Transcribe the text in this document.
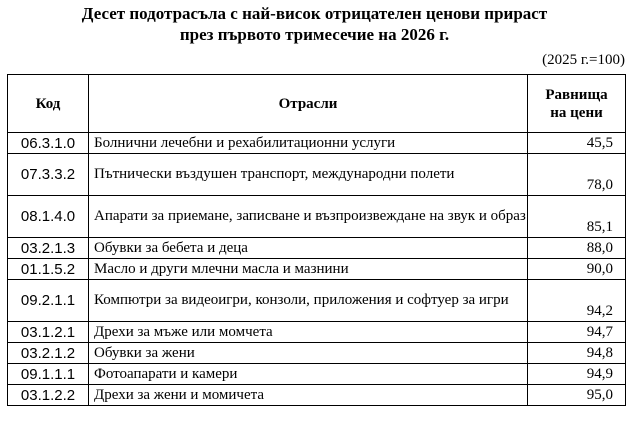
Десет подотрасъла с най-висок отрицателен ценови прираст
през първото тримесечие на 2026 г.
(2025 г.=100)
Код	Отрасли	Равнища
на цени

06.3.1.0	Болнични лечебни и рехабилитационни услуги	45,5
07.3.3.2	Пътнически въздушен транспорт, международни полети	78,0
08.1.4.0	Апарати за приемане, записване и възпроизвеждане на звук и образ	85,1
03.2.1.3	Обувки за бебета и деца	88,0
01.1.5.2	Масло и други млечни масла и мазнини	90,0
09.2.1.1	Компютри за видеоигри, конзоли, приложения и софтуер за игри	94,2
03.1.2.1	Дрехи за мъже или момчета	94,7
03.2.1.2	Обувки за жени	94,8
09.1.1.1	Фотоапарати и камери	94,9
03.1.2.2	Дрехи за жени и момичета	95,0
